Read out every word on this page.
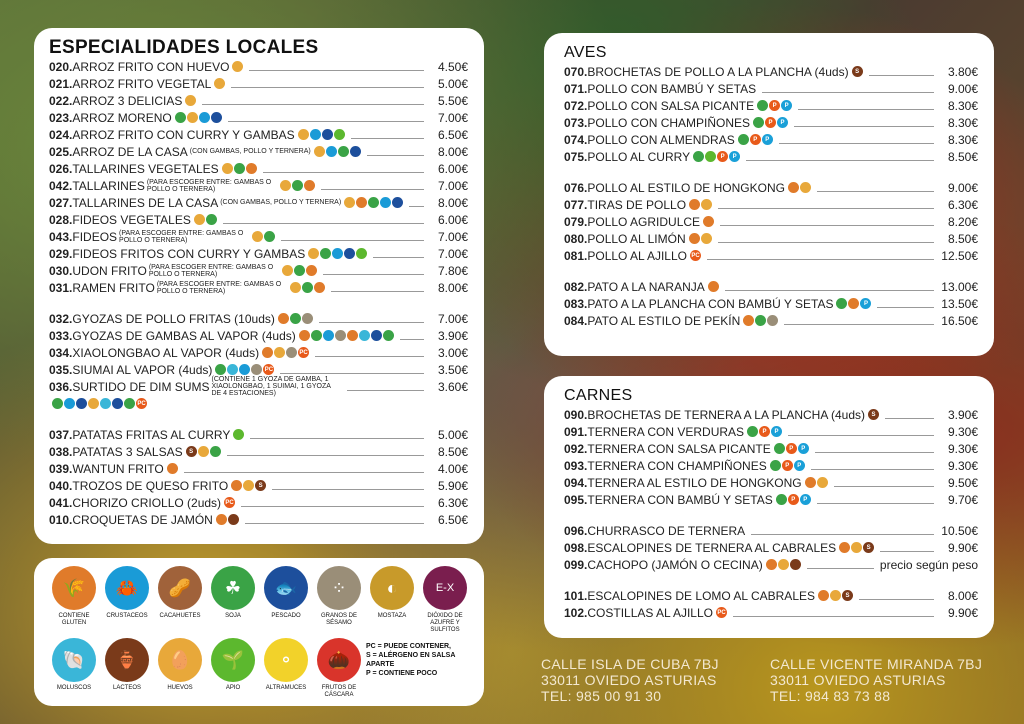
ESPECIALIDADES LOCALES
020. ARROZ FRITO CON HUEVO	4.50€
021. ARROZ FRITO VEGETAL	5.00€
022. ARROZ 3 DELICIAS	5.50€
023. ARROZ MORENO	7.00€
024. ARROZ FRITO CON CURRY Y GAMBAS	6.50€
025. ARROZ DE LA CASA (CON GAMBAS, POLLO Y TERNERA)	8.00€
026. TALLARINES VEGETALES	6.00€
042. TALLARINES (PARA ESCOGER ENTRE: GAMBAS O POLLO O TERNERA)	7.00€
027. TALLARINES DE LA CASA (CON GAMBAS, POLLO Y TERNERA)	8.00€
028. FIDEOS VEGETALES	6.00€
043. FIDEOS (PARA ESCOGER ENTRE: GAMBAS O POLLO O TERNERA)	7.00€
029. FIDEOS FRITOS CON CURRY Y GAMBAS	7.00€
030. UDON FRITO (PARA ESCOGER ENTRE: GAMBAS O POLLO O TERNERA)	7.80€
031. RAMEN FRITO (PARA ESCOGER ENTRE: GAMBAS O POLLO O TERNERA)	8.00€
032. GYOZAS DE POLLO FRITAS (10uds)	7.00€
033. GYOZAS DE GAMBAS AL VAPOR (4uds)	3.90€
034. XIAOLONGBAO AL VAPOR (4uds)	PC	3.00€
035. SIUMAI AL VAPOR (4uds)	PC	3.50€
036. SURTIDO DE DIM SUMS (CONTIENE 1 GYOZA DE GAMBA, 1 XIAOLONGBAO, 1 SUIMAI, 1 GYOZA DE 4 ESTACIONES)	3.60€
PC
037. PATATAS FRITAS AL CURRY	5.00€
038. PATATAS 3 SALSAS	S	8.50€
039. WANTUN FRITO	4.00€
040. TROZOS DE QUESO FRITO	S	5.90€
041. CHORIZO CRIOLLO (2uds) PC	6.30€
010. CROQUETAS DE JAMÓN	6.50€
AVES
070. BROCHETAS DE POLLO A LA PLANCHA (4uds)	S	3.80€
071. POLLO CON BAMBÚ Y SETAS	9.00€
072. POLLO CON SALSA PICANTE	P	P	8.30€
073. POLLO CON CHAMPIÑONES	P	P	8.30€
074. POLLO CON ALMENDRAS	P	P	8.30€
075. POLLO AL CURRY	P	P	8.50€
076. POLLO AL ESTILO DE HONGKONG	9.00€
077. TIRAS DE POLLO	6.30€
079. POLLO AGRIDULCE	8.20€
080. POLLO AL LIMÓN	8.50€
081. POLLO AL AJILLO PC	12.50€
082. PATO A LA NARANJA	13.00€
083. PATO A LA PLANCHA CON BAMBÚ Y SETAS	P	13.50€
084. PATO AL ESTILO DE PEKÍN	16.50€
CARNES
090. BROCHETAS DE TERNERA A LA PLANCHA (4uds)	S	3.90€
091. TERNERA CON VERDURAS	P	P	9.30€
092. TERNERA CON SALSA PICANTE	P	P	9.30€
093. TERNERA CON CHAMPIÑONES	P	P	9.30€
094. TERNERA AL ESTILO DE HONGKONG	9.50€
095. TERNERA CON BAMBÚ Y SETAS	P	P	9.70€
096. CHURRASCO DE TERNERA	10.50€
098. ESCALOPINES DE TERNERA AL CABRALES	S	9.90€
099. CACHOPO (JAMÓN O CECINA)	precio según peso
101. ESCALOPINES DE LOMO AL CABRALES	S	8.00€
102. COSTILLAS AL AJILLO PC	9.90€
🌾
CONTIENE GLUTEN
🦀
CRUSTACEOS
🥜
CACAHUETES
☘
SOJA
🐟
PESCADO
⁘
GRANOS DE SÉSAMO
◐
MOSTAZA
E-X
DIÓXIDO DE AZUFRE Y SULFITOS
🐚
MOLUSCOS
🏺
LACTEOS
🥚
HUEVOS
🌱
APIO
⚬
ALTRAMUCES
🌰
FRUTOS DE CÁSCARA
PC = PUEDE CONTENER,
S = ALÉRGENO EN SALSA
APARTE
P = CONTIENE POCO
CALLE ISLA DE CUBA 7BJ
33011 OVIEDO ASTURIAS
TEL: 985 00 91 30
CALLE VICENTE MIRANDA 7BJ
33011 OVIEDO ASTURIAS
TEL: 984 83 73 88
